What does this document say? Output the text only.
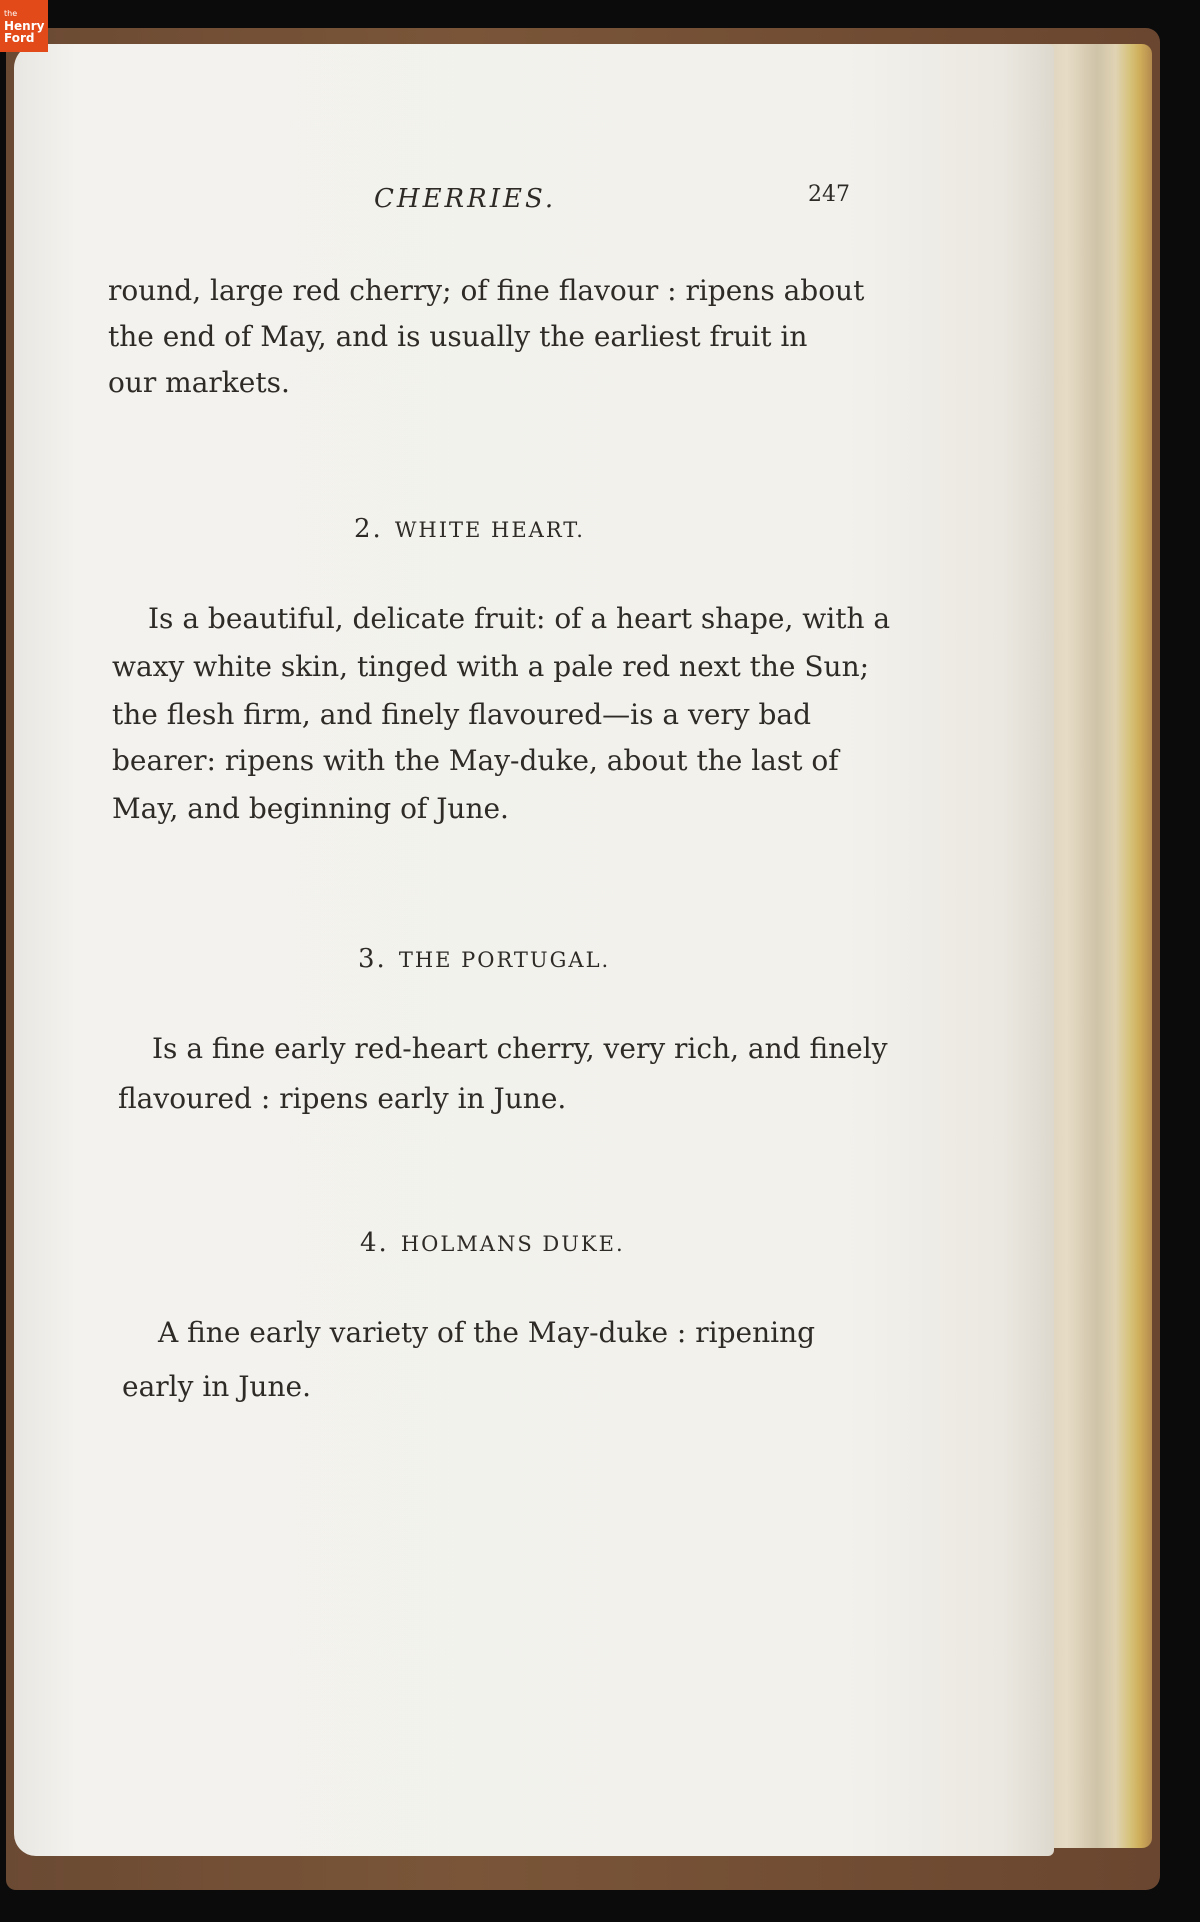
the
Henry
Ford
CHERRIES.	247
round, large red cherry; of fine flavour : ripens about
the end of May, and is usually the earliest fruit in
our markets.
2. WHITE HEART.
Is a beautiful, delicate fruit: of a heart shape, with a
waxy white skin, tinged with a pale red next the Sun;
the flesh firm, and finely flavoured—is a very bad
bearer: ripens with the May-duke, about the last of
May, and beginning of June.
3. THE PORTUGAL.
Is a fine early red-heart cherry, very rich, and finely
flavoured : ripens early in June.
4. HOLMANS DUKE.
A fine early variety of the May-duke : ripening
early in June.
